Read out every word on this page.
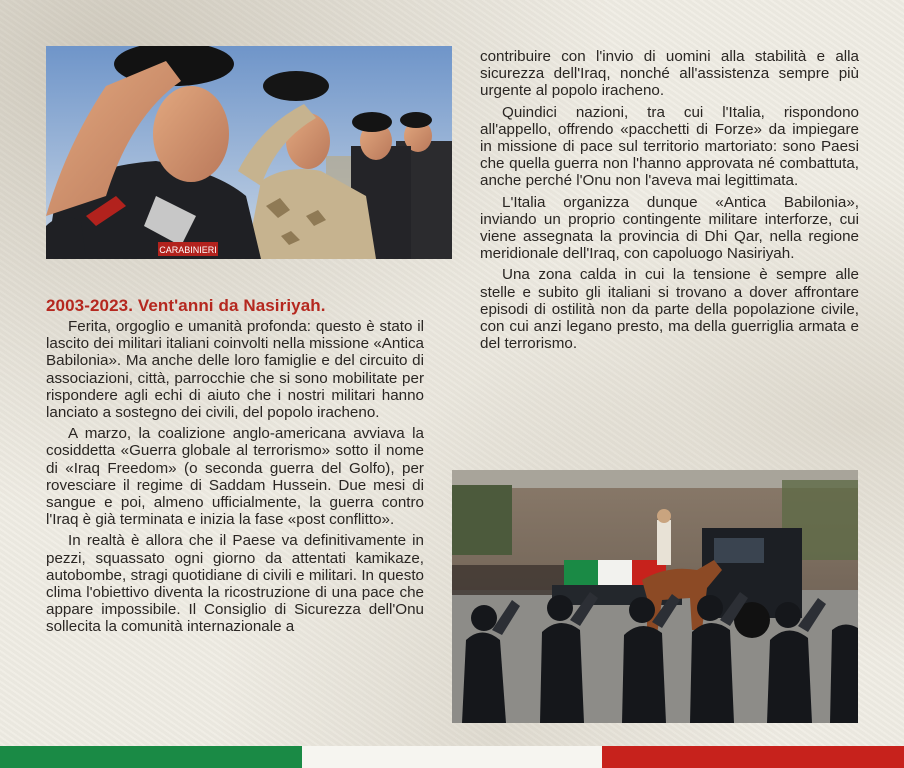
CARABINIERI
2003-2023. Vent'anni da Nasiriyah.

Ferita, orgoglio e umanità profonda: questo è stato il lascito dei militari italiani coinvolti nella missione «Antica Babilonia». Ma anche delle loro famiglie e del circuito di associazioni, città, parrocchie che si sono mobilitate per rispondere agli echi di aiuto che i nostri militari hanno lanciato a sostegno dei civili, del popolo iracheno.

A marzo, la coalizione anglo-americana avviava la cosiddetta «Guerra globale al terrorismo» sotto il nome di «Iraq Freedom» (o seconda guerra del Golfo), per rovesciare il regime di Saddam Hussein. Due mesi di sangue e poi, almeno ufficialmente, la guerra contro l'Iraq è già terminata e inizia la fase «post conflitto».

In realtà è allora che il Paese va definitivamente in pezzi, squassato ogni giorno da attentati kamikaze, autobombe, stragi quotidiane di civili e militari. In questo clima l'obiettivo diventa la ricostruzione di una pace che appare impossibile. Il Consiglio di Sicurezza dell'Onu sollecita la comunità internazionale a

contribuire con l'invio di uomini alla stabilità e alla sicurezza dell'Iraq, nonché all'assistenza sempre più urgente al popolo iracheno.

Quindici nazioni, tra cui l'Italia, rispondono all'appello, offrendo «pacchetti di Forze» da impiegare in missione di pace sul territorio martoriato: sono Paesi che quella guerra non l'hanno approvata né combattuta, anche perché l'Onu non l'aveva mai legittimata.

L'Italia organizza dunque «Antica Babilonia», inviando un proprio contingente militare interforze, cui viene assegnata la provincia di Dhi Qar, nella regione meridionale dell'Iraq, con capoluogo Nasiriyah.

Una zona calda in cui la tensione è sempre alle stelle e subito gli italiani si trovano a dover affrontare episodi di ostilità non da parte della popolazione civile, con cui anzi legano presto, ma della guerriglia armata e del terrorismo.
